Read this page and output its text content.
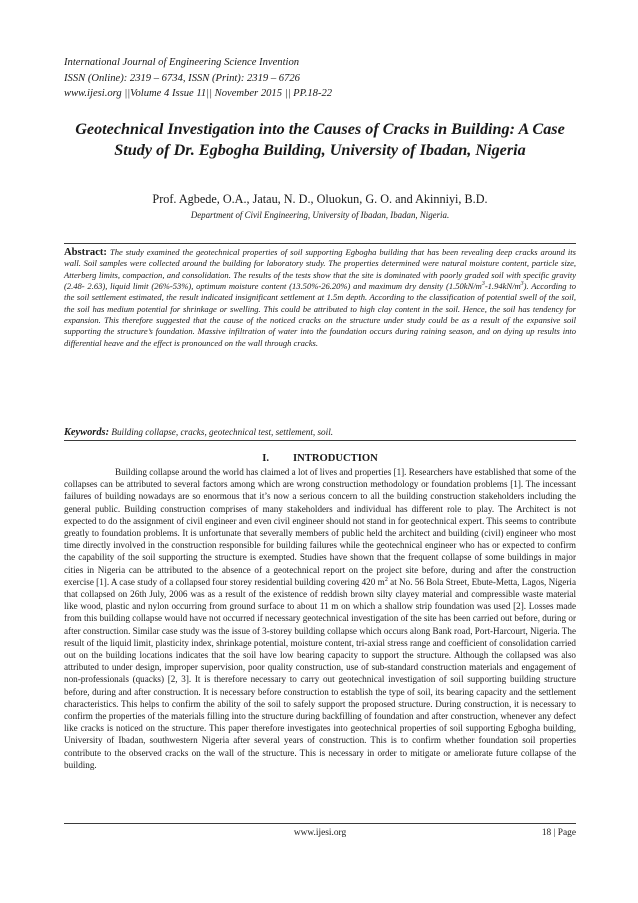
International Journal of Engineering Science Invention
ISSN (Online): 2319 – 6734, ISSN (Print): 2319 – 6726
www.ijesi.org ||Volume 4 Issue 11|| November 2015 || PP.18-22
Geotechnical Investigation into the Causes of Cracks in Building: A Case Study of Dr. Egbogha Building, University of Ibadan, Nigeria
Prof. Agbede, O.A., Jatau, N. D., Oluokun, G. O. and Akinniyi, B.D.
Department of Civil Engineering, University of Ibadan, Ibadan, Nigeria.
Abstract: The study examined the geotechnical properties of soil supporting Egbogha building that has been revealing deep cracks around its wall. Soil samples were collected around the building for laboratory study. The properties determined were natural moisture content, particle size, Atterberg limits, compaction, and consolidation. The results of the tests show that the site is dominated with poorly graded soil with specific gravity (2.48- 2.63), liquid limit (26%-53%), optimum moisture content (13.50%-26.20%) and maximum dry density $(1.50kN/m^3-1.94kN/m^3)$. According to the soil settlement estimated, the result indicated insignificant settlement at 1.5m depth. According to the classification of potential swell of the soil, the soil has medium potential for shrinkage or swelling. This could be attributed to high clay content in the soil. Hence, the soil has tendency for expansion. This therefore suggested that the cause of the noticed cracks on the structure under study could be as a result of the expansive soil supporting the structure’s foundation. Massive infiltration of water into the foundation occurs during raining season, and on dying up results into differential heave and the effect is pronounced on the wall through cracks.
Keywords: Building collapse, cracks, geotechnical test, settlement, soil.
I. INTRODUCTION
Building collapse around the world has claimed a lot of lives and properties [1]. Researchers have established that some of the collapses can be attributed to several factors among which are wrong construction methodology or foundation problems [1]. The incessant failures of building nowadays are so enormous that it’s now a serious concern to all the building construction stakeholders including the general public. Building construction comprises of many stakeholders and individual has different role to play. The Architect is not expected to do the assignment of civil engineer and even civil engineer should not stand in for geotechnical expert. This seems to contribute greatly to foundation problems. It is unfortunate that severally members of public held the architect and building (civil) engineer who most time directly involved in the construction responsible for building failures while the geotechnical engineer who has or expected to confirm the capability of the soil supporting the structure is exempted. Studies have shown that the frequent collapse of some buildings in major cities in Nigeria can be attributed to the absence of a geotechnical report on the project site before, during and after the construction exercise [1]. A case study of a collapsed four storey residential building covering 420 $m^2$ at No. 56 Bola Street, Ebute-Metta, Lagos, Nigeria that collapsed on 26th July, 2006 was as a result of the existence of reddish brown silty clayey material and compressible waste material like wood, plastic and nylon occurring from ground surface to about 11 m on which a shallow strip foundation was used [2]. Losses made from this building collapse would have not occurred if necessary geotechnical investigation of the site has been carried out before, during or after construction. Similar case study was the issue of 3-storey building collapse which occurs along Bank road, Port-Harcourt, Nigeria. The result of the liquid limit, plasticity index, shrinkage potential, moisture content, tri-axial stress range and coefficient of consolidation carried out on the building locations indicates that the soil have low bearing capacity to support the structure. Although the collapsed was also attributed to under design, improper supervision, poor quality construction, use of sub-standard construction materials and engagement of non-professionals (quacks) [2, 3]. It is therefore necessary to carry out geotechnical investigation of soil supporting building structure before, during and after construction. It is necessary before construction to establish the type of soil, its bearing capacity and the settlement characteristics. This helps to confirm the ability of the soil to safely support the proposed structure. During construction, it is necessary to confirm the properties of the materials filling into the structure during backfilling of foundation and after construction, whenever any defect like cracks is noticed on the structure. This paper therefore investigates into geotechnical properties of soil supporting Egbogha building, University of Ibadan, southwestern Nigeria after several years of construction. This is to confirm whether foundation soil properties contribute to the observed cracks on the wall of the structure. This is necessary in order to mitigate or ameliorate future collapse of the building.
www.ijesi.org	18 | Page
